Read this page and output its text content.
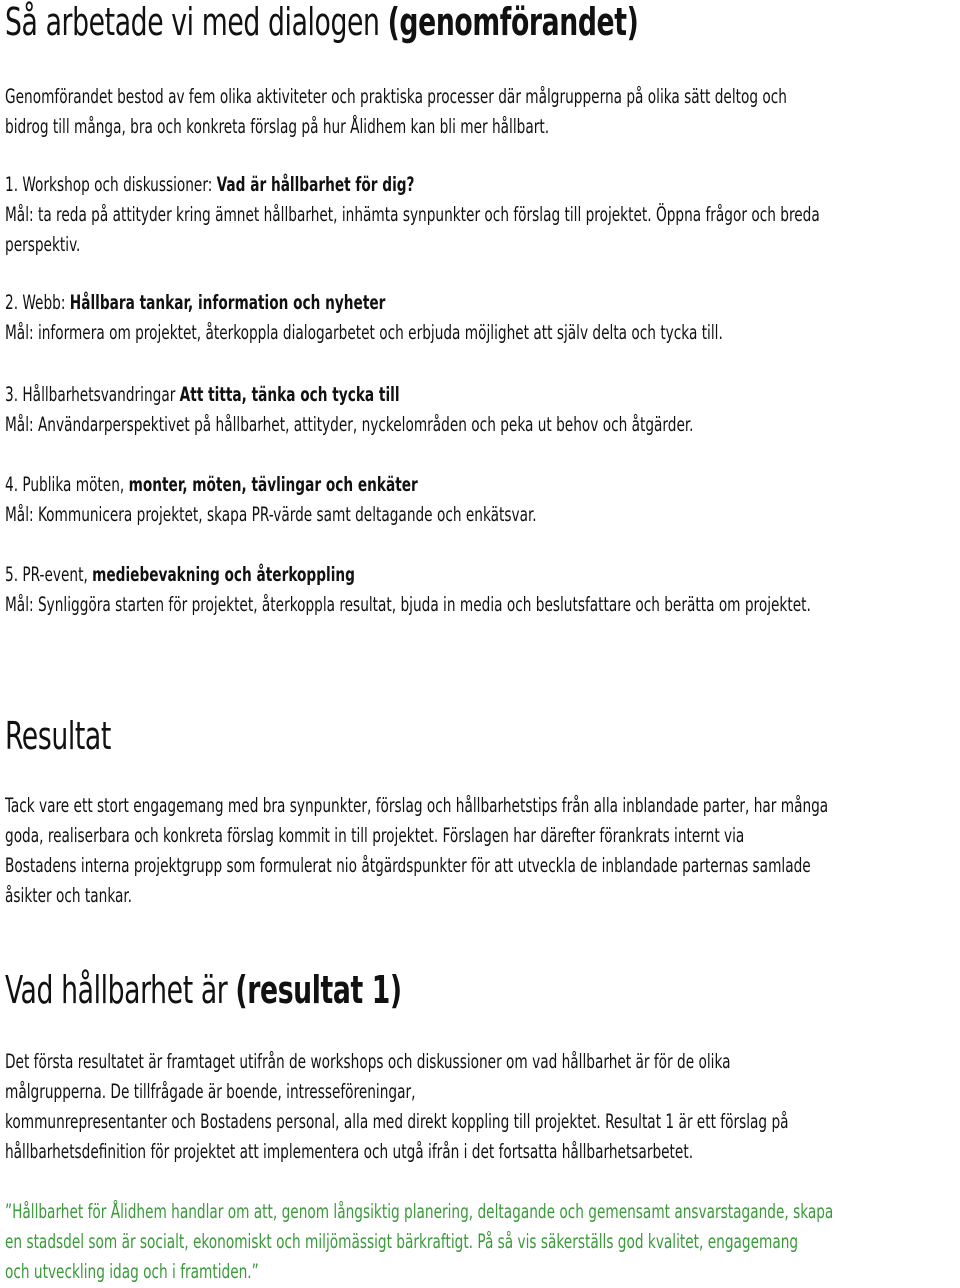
Så arbetade vi med dialogen (genomförandet)
Genomförandet bestod av fem olika aktiviteter och praktiska processer där målgrupperna på olika sätt deltog och
bidrog till många, bra och konkreta förslag på hur Ålidhem kan bli mer hållbart.
1. Workshop och diskussioner: Vad är hållbarhet för dig?
Mål: ta reda på attityder kring ämnet hållbarhet, inhämta synpunkter och förslag till projektet. Öppna frågor och breda
perspektiv.
2. Webb: Hållbara tankar, information och nyheter
Mål: informera om projektet, återkoppla dialogarbetet och erbjuda möjlighet att själv delta och tycka till.
3. Hållbarhetsvandringar Att titta, tänka och tycka till
Mål: Användarperspektivet på hållbarhet, attityder, nyckelområden och peka ut behov och åtgärder.
4. Publika möten, monter, möten, tävlingar och enkäter
Mål: Kommunicera projektet, skapa PR-värde samt deltagande och enkätsvar.
5. PR-event, mediebevakning och återkoppling
Mål: Synliggöra starten för projektet, återkoppla resultat, bjuda in media och beslutsfattare och berätta om projektet.
Resultat
Tack vare ett stort engagemang med bra synpunkter, förslag och hållbarhetstips från alla inblandade parter, har många
goda, realiserbara och konkreta förslag kommit in till projektet. Förslagen har därefter förankrats internt via
Bostadens interna projektgrupp som formulerat nio åtgärdspunkter för att utveckla de inblandade parternas samlade
åsikter och tankar.
Vad hållbarhet är (resultat 1)
Det första resultatet är framtaget utifrån de workshops och diskussioner om vad hållbarhet är för de olika
målgrupperna. De tillfrågade är boende, intresseföreningar,
kommunrepresentanter och Bostadens personal, alla med direkt koppling till projektet. Resultat 1 är ett förslag på
hållbarhetsdefinition för projektet att implementera och utgå ifrån i det fortsatta hållbarhetsarbetet.
”Hållbarhet för Ålidhem handlar om att, genom långsiktig planering, deltagande och gemensamt ansvarstagande, skapa
en stadsdel som är socialt, ekonomiskt och miljömässigt bärkraftigt. På så vis säkerställs god kvalitet, engagemang
och utveckling idag och i framtiden.”
